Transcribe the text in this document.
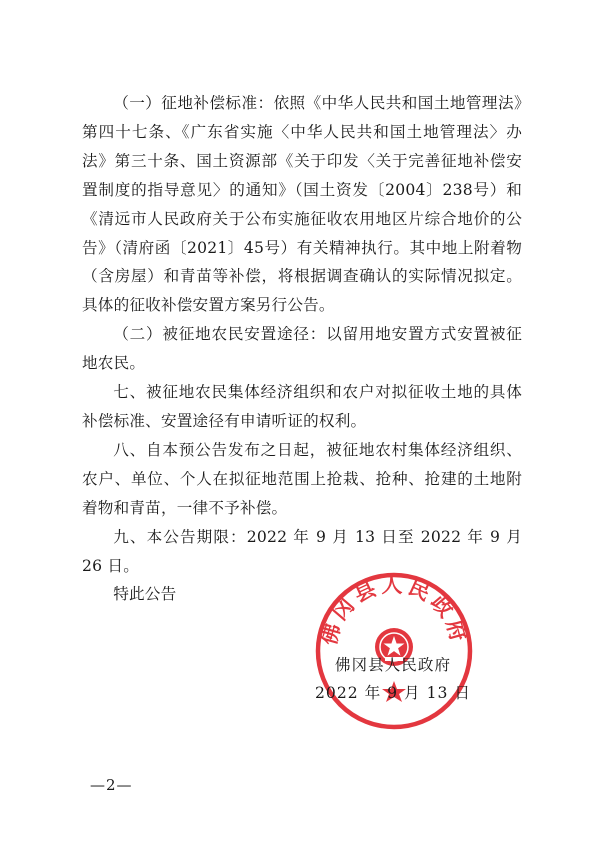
（一）征地补偿标准：依照《中华人民共和国土地管理法》第四十七条、《广东省实施〈中华人民共和国土地管理法〉办法》第三十条、国土资源部《关于印发〈关于完善征地补偿安置制度的指导意见〉的通知》（国土资发〔2004〕238号）和《清远市人民政府关于公布实施征收农用地区片综合地价的公告》（清府函〔2021〕45号）有关精神执行。其中地上附着物（含房屋）和青苗等补偿，将根据调查确认的实际情况拟定。具体的征收补偿安置方案另行公告。

（二）被征地农民安置途径：以留用地安置方式安置被征地农民。

七、被征地农民集体经济组织和农户对拟征收土地的具体补偿标准、安置途径有申请听证的权利。

八、自本预公告发布之日起，被征地农村集体经济组织、农户、单位、个人在拟征地范围上抢栽、抢种、抢建的土地附着物和青苗，一律不予补偿。

九、本公告期限：2022 年 9 月 13 日至 2022 年 9 月 26 日。

特此公告

佛冈县人民政府
佛冈县人民政府
2022 年 9 月 13 日
—2—
